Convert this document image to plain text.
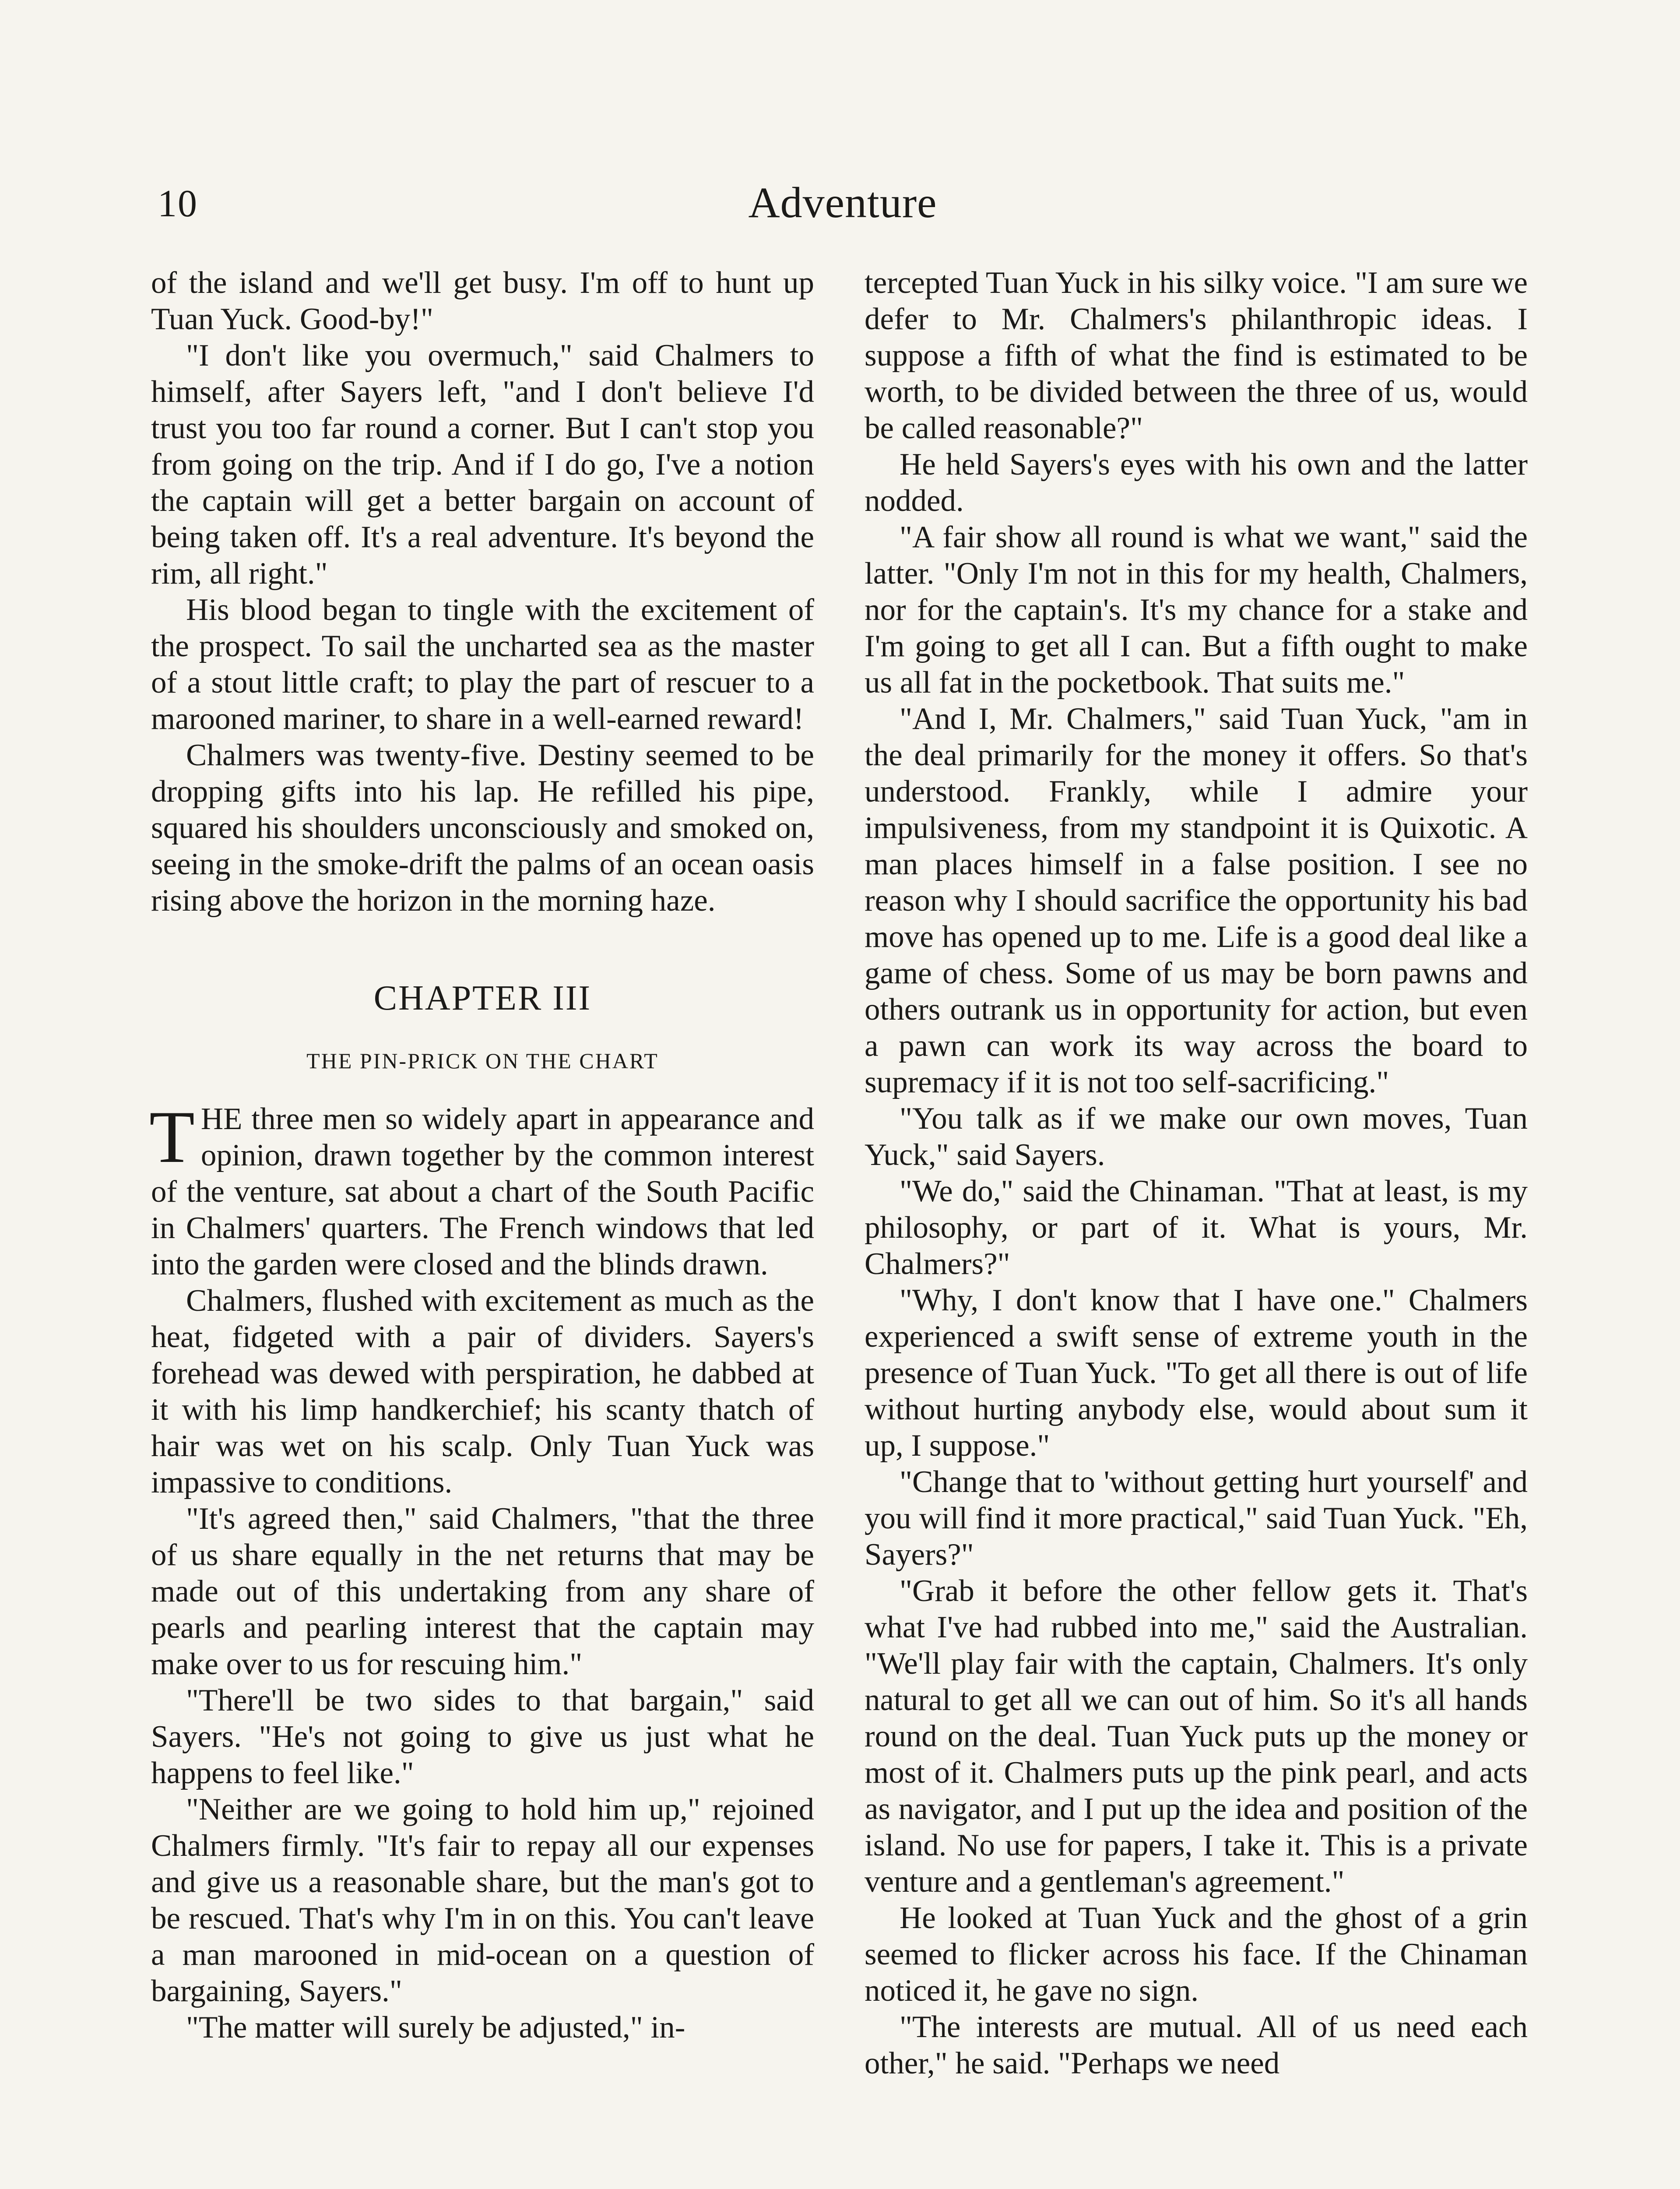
10	Adventure

of the island and we'll get busy. I'm off to hunt up Tuan Yuck. Good-by!"

"I don't like you overmuch," said Chalmers to himself, after Sayers left, "and I don't believe I'd trust you too far round a corner. But I can't stop you from going on the trip. And if I do go, I've a notion the captain will get a better bargain on account of being taken off. It's a real adventure. It's beyond the rim, all right."

His blood began to tingle with the excitement of the prospect. To sail the uncharted sea as the master of a stout little craft; to play the part of rescuer to a marooned mariner, to share in a well-earned reward!

Chalmers was twenty-five. Destiny seemed to be dropping gifts into his lap. He refilled his pipe, squared his shoulders unconsciously and smoked on, seeing in the smoke-drift the palms of an ocean oasis rising above the horizon in the morning haze.

CHAPTER III
THE PIN-PRICK ON THE CHART

THE three men so widely apart in appearance and opinion, drawn together by the common interest of the venture, sat about a chart of the South Pacific in Chalmers' quarters. The French windows that led into the garden were closed and the blinds drawn.

Chalmers, flushed with excitement as much as the heat, fidgeted with a pair of dividers. Sayers's forehead was dewed with perspiration, he dabbed at it with his limp handkerchief; his scanty thatch of hair was wet on his scalp. Only Tuan Yuck was impassive to conditions.

"It's agreed then," said Chalmers, "that the three of us share equally in the net returns that may be made out of this undertaking from any share of pearls and pearling interest that the captain may make over to us for rescuing him."

"There'll be two sides to that bargain," said Sayers. "He's not going to give us just what he happens to feel like."

"Neither are we going to hold him up," rejoined Chalmers firmly. "It's fair to repay all our expenses and give us a reasonable share, but the man's got to be rescued. That's why I'm in on this. You can't leave a man marooned in mid-ocean on a question of bargaining, Sayers."

"The matter will surely be adjusted," in-

tercepted Tuan Yuck in his silky voice. "I am sure we defer to Mr. Chalmers's philanthropic ideas. I suppose a fifth of what the find is estimated to be worth, to be divided between the three of us, would be called reasonable?"

He held Sayers's eyes with his own and the latter nodded.

"A fair show all round is what we want," said the latter. "Only I'm not in this for my health, Chalmers, nor for the captain's. It's my chance for a stake and I'm going to get all I can. But a fifth ought to make us all fat in the pocketbook. That suits me."

"And I, Mr. Chalmers," said Tuan Yuck, "am in the deal primarily for the money it offers. So that's understood. Frankly, while I admire your impulsiveness, from my standpoint it is Quixotic. A man places himself in a false position. I see no reason why I should sacrifice the opportunity his bad move has opened up to me. Life is a good deal like a game of chess. Some of us may be born pawns and others outrank us in opportunity for action, but even a pawn can work its way across the board to supremacy if it is not too self-sacrificing."

"You talk as if we make our own moves, Tuan Yuck," said Sayers.

"We do," said the Chinaman. "That at least, is my philosophy, or part of it. What is yours, Mr. Chalmers?"

"Why, I don't know that I have one." Chalmers experienced a swift sense of extreme youth in the presence of Tuan Yuck. "To get all there is out of life without hurting anybody else, would about sum it up, I suppose."

"Change that to 'without getting hurt yourself' and you will find it more practical," said Tuan Yuck. "Eh, Sayers?"

"Grab it before the other fellow gets it. That's what I've had rubbed into me," said the Australian. "We'll play fair with the captain, Chalmers. It's only natural to get all we can out of him. So it's all hands round on the deal. Tuan Yuck puts up the money or most of it. Chalmers puts up the pink pearl, and acts as navigator, and I put up the idea and position of the island. No use for papers, I take it. This is a private venture and a gentleman's agreement."

He looked at Tuan Yuck and the ghost of a grin seemed to flicker across his face. If the Chinaman noticed it, he gave no sign.

"The interests are mutual. All of us need each other," he said. "Perhaps we need
